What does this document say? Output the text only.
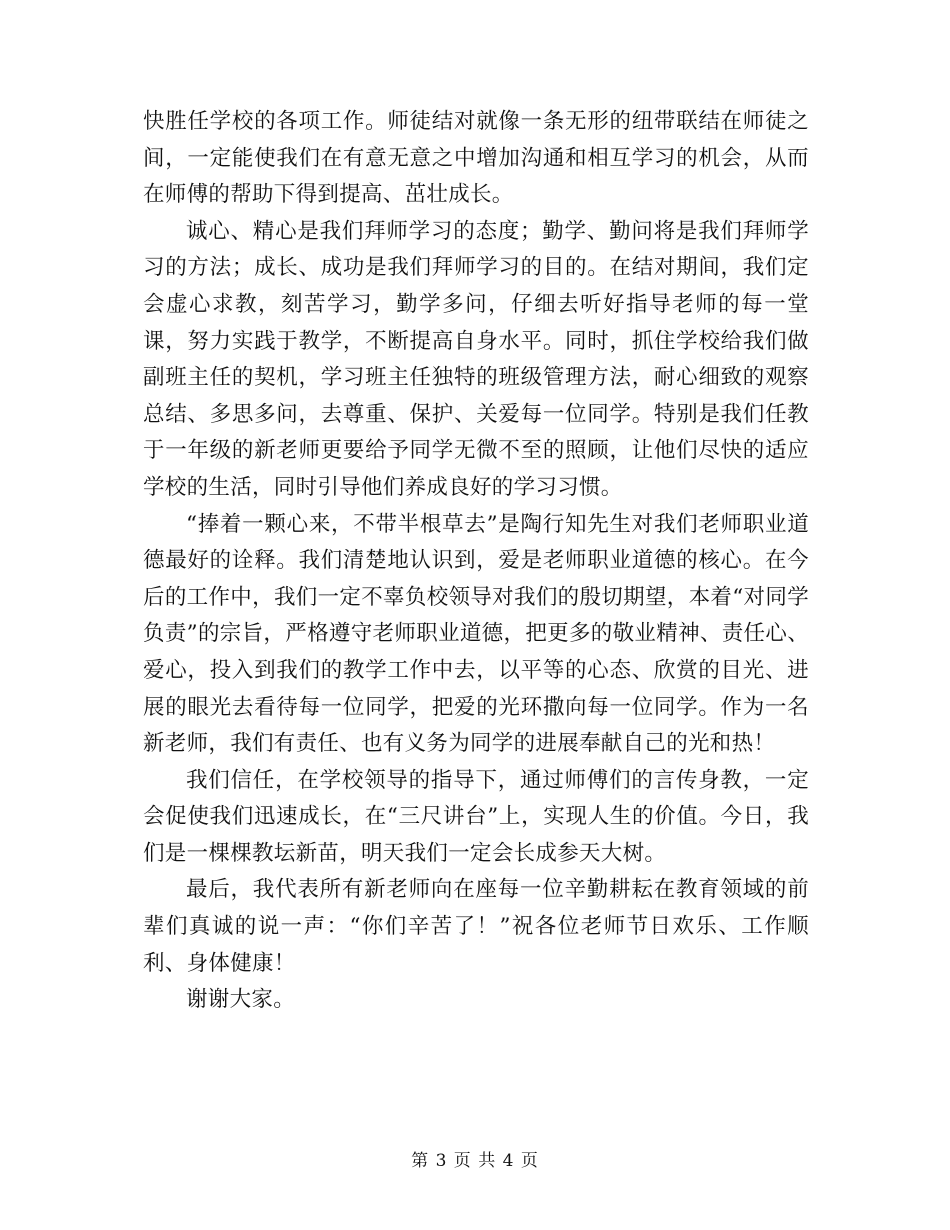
快胜任学校的各项工作。师徒结对就像一条无形的纽带联结在师徒之间，一定能使我们在有意无意之中增加沟通和相互学习的机会，从而在师傅的帮助下得到提高、茁壮成长。

诚心、精心是我们拜师学习的态度；勤学、勤问将是我们拜师学习的方法；成长、成功是我们拜师学习的目的。在结对期间，我们定会虚心求教，刻苦学习，勤学多问，仔细去听好指导老师的每一堂课，努力实践于教学，不断提高自身水平。同时，抓住学校给我们做副班主任的契机，学习班主任独特的班级管理方法，耐心细致的观察总结、多思多问，去尊重、保护、关爱每一位同学。特别是我们任教于一年级的新老师更要给予同学无微不至的照顾，让他们尽快的适应学校的生活，同时引导他们养成良好的学习习惯。

“捧着一颗心来，不带半根草去”是陶行知先生对我们老师职业道德最好的诠释。我们清楚地认识到，爱是老师职业道德的核心。在今后的工作中，我们一定不辜负校领导对我们的殷切期望，本着“对同学负责”的宗旨，严格遵守老师职业道德，把更多的敬业精神、责任心、爱心，投入到我们的教学工作中去，以平等的心态、欣赏的目光、进展的眼光去看待每一位同学，把爱的光环撒向每一位同学。作为一名新老师，我们有责任、也有义务为同学的进展奉献自己的光和热！

我们信任，在学校领导的指导下，通过师傅们的言传身教，一定会促使我们迅速成长，在“三尺讲台”上，实现人生的价值。今日，我们是一棵棵教坛新苗，明天我们一定会长成参天大树。

最后，我代表所有新老师向在座每一位辛勤耕耘在教育领域的前辈们真诚的说一声：“你们辛苦了！”祝各位老师节日欢乐、工作顺利、身体健康！

谢谢大家。

第 3 页 共 4 页
